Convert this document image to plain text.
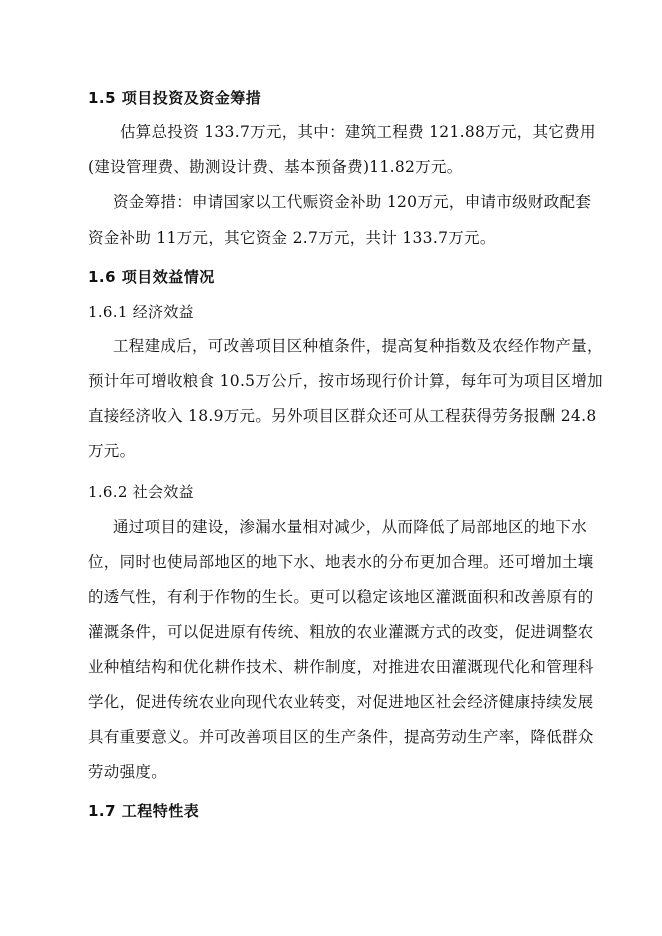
1.5 项目投资及资金筹措
估算总投资 133.7万元，其中：建筑工程费 121.88万元，其它费用
(建设管理费、勘测设计费、基本预备费)11.82万元。
资金筹措：申请国家以工代赈资金补助 120万元，申请市级财政配套
资金补助 11万元，其它资金 2.7万元，共计 133.7万元。
1.6 项目效益情况
1.6.1 经济效益
工程建成后，可改善项目区种植条件，提高复种指数及农经作物产量，
预计年可增收粮食 10.5万公斤，按市场现行价计算，每年可为项目区增加
直接经济收入 18.9万元。另外项目区群众还可从工程获得劳务报酬 24.8
万元。
1.6.2 社会效益
通过项目的建设，渗漏水量相对减少，从而降低了局部地区的地下水
位，同时也使局部地区的地下水、地表水的分布更加合理。还可增加土壤
的透气性，有利于作物的生长。更可以稳定该地区灌溉面积和改善原有的
灌溉条件，可以促进原有传统、粗放的农业灌溉方式的改变，促进调整农
业种植结构和优化耕作技术、耕作制度，对推进农田灌溉现代化和管理科
学化，促进传统农业向现代农业转变，对促进地区社会经济健康持续发展
具有重要意义。并可改善项目区的生产条件，提高劳动生产率，降低群众
劳动强度。
1.7 工程特性表
